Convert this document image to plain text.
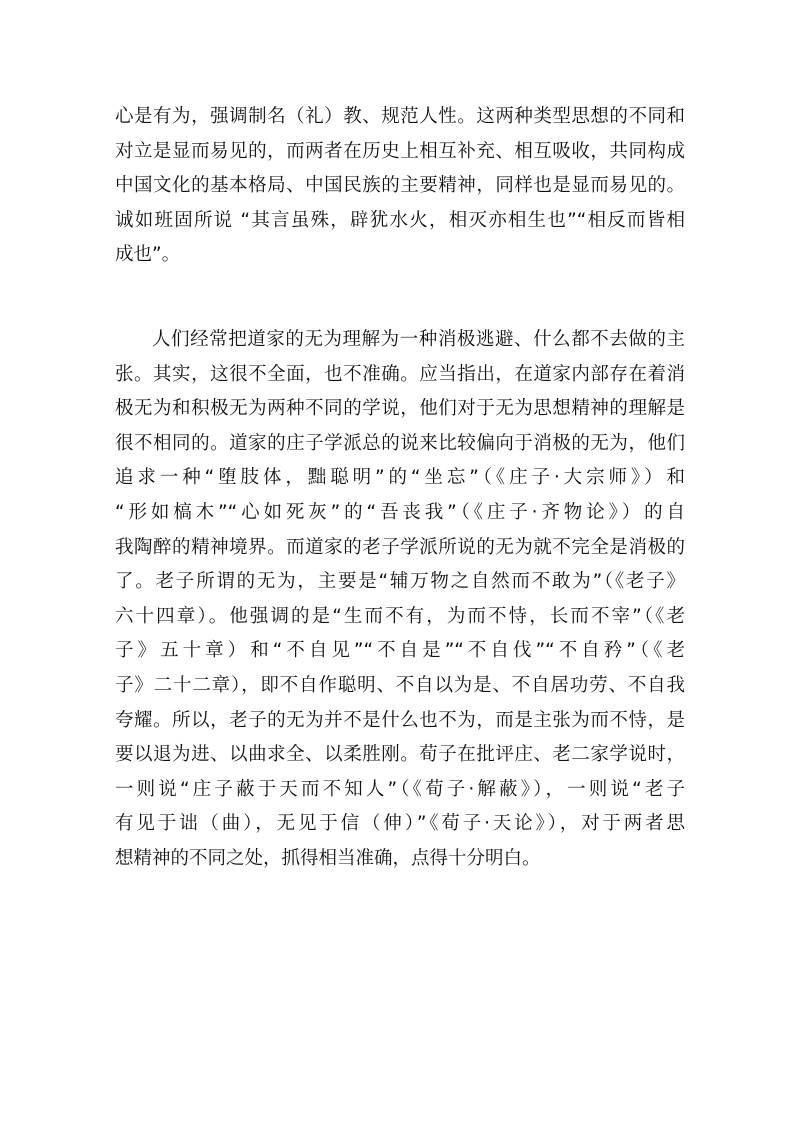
心是有为，强调制名（礼）教、规范人性。这两种类型思想的不同和
对立是显而易见的，而两者在历史上相互补充、相互吸收，共同构成
中国文化的基本格局、中国民族的主要精神，同样也是显而易见的。
诚如班固所说 “其言虽殊，辟犹水火，相灭亦相生也”“相反而皆相
成也”。
人们经常把道家的无为理解为一种消极逃避、什么都不去做的主
张。其实，这很不全面，也不准确。应当指出，在道家内部存在着消
极无为和积极无为两种不同的学说，他们对于无为思想精神的理解是
很不相同的。道家的庄子学派总的说来比较偏向于消极的无为，他们
追求一种“堕肢体，黜聪明”的“坐忘”（《庄子·大宗师》）和
“形如槁木”“心如死灰”的“吾丧我”（《庄子·齐物论》）的自
我陶醉的精神境界。而道家的老子学派所说的无为就不完全是消极的
了。老子所谓的无为，主要是“辅万物之自然而不敢为”（《老子》
六十四章）。他强调的是“生而不有，为而不恃，长而不宰”（《老
子》五十章）和“不自见”“不自是”“不自伐”“不自矜”（《老
子》二十二章），即不自作聪明、不自以为是、不自居功劳、不自我
夸耀。所以，老子的无为并不是什么也不为，而是主张为而不恃，是
要以退为进、以曲求全、以柔胜刚。荀子在批评庄、老二家学说时，
一则说“庄子蔽于天而不知人”（《荀子·解蔽》），一则说“老子
有见于诎（曲），无见于信（伸）”《荀子·天论》），对于两者思
想精神的不同之处，抓得相当准确，点得十分明白。
